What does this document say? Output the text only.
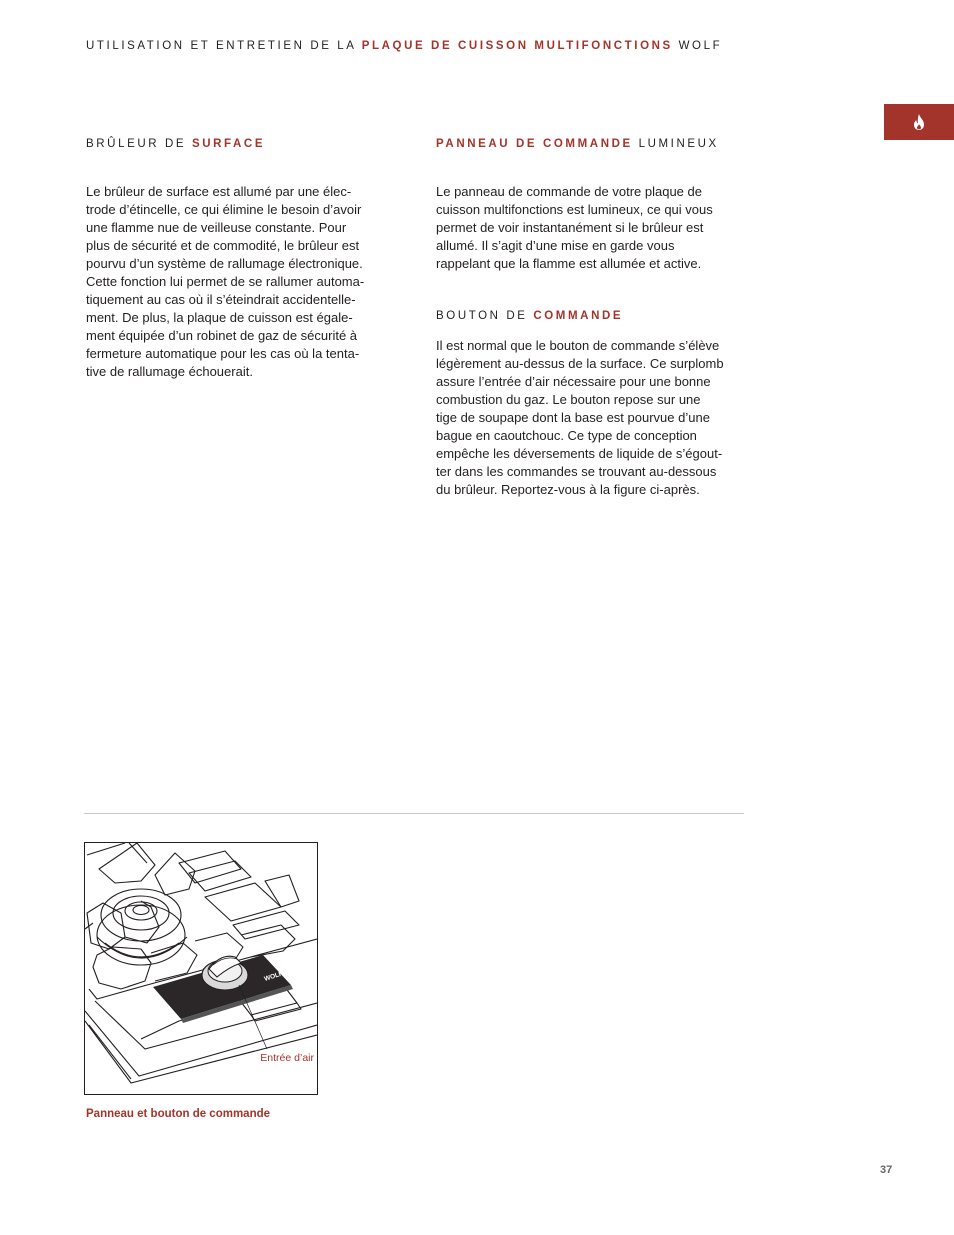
UTILISATION ET ENTRETIEN DE LA PLAQUE DE CUISSON MULTIFONCTIONS WOLF
BRÛLEUR DE SURFACE

Le brûleur de surface est allumé par une élec-
trode d’étincelle, ce qui élimine le besoin d’avoir
une flamme nue de veilleuse constante. Pour
plus de sécurité et de commodité, le brûleur est
pourvu d’un système de rallumage électronique.
Cette fonction lui permet de se rallumer automa-
tiquement au cas où il s’éteindrait accidentelle-
ment. De plus, la plaque de cuisson est égale-
ment équipée d’un robinet de gaz de sécurité à
fermeture automatique pour les cas où la tenta-
tive de rallumage échouerait.

PANNEAU DE COMMANDE LUMINEUX

Le panneau de commande de votre plaque de
cuisson multifonctions est lumineux, ce qui vous
permet de voir instantanément si le brûleur est
allumé. Il s’agit d’une mise en garde vous
rappelant que la flamme est allumée et active.

BOUTON DE COMMANDE

Il est normal que le bouton de commande s’élève
légèrement au-dessus de la surface. Ce surplomb
assure l’entrée d’air nécessaire pour une bonne
combustion du gaz. Le bouton repose sur une
tige de soupape dont la base est pourvue d’une
bague en caoutchouc. Ce type de conception
empêche les déversements de liquide de s’égout-
ter dans les commandes se trouvant au-dessous
du brûleur. Reportez-vous à la figure ci-après.

WOLF
Entrée d’air
Panneau et bouton de commande
37
